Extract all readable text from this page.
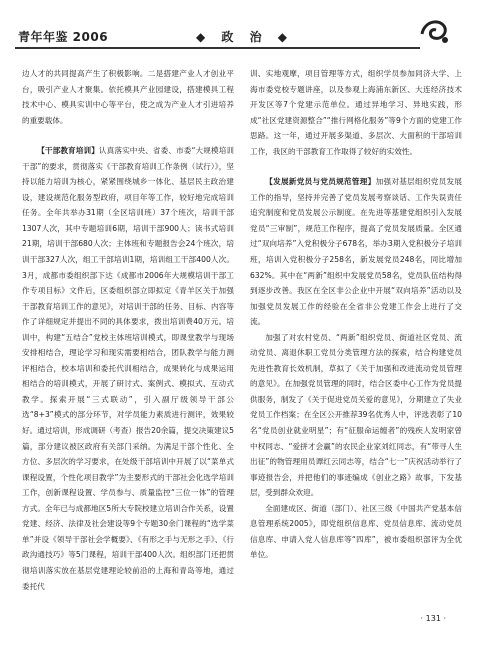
青年年鉴 2006	◆ 政 治 ◆

边人才的共同提高产生了积极影响。二是搭建产业人才创业平台，吸引产业人才聚集。依托模具产业园建设，搭建模具工程技术中心、模具实训中心等平台，使之成为产业人才引进培养的重要载体。

【干部教育培训】认真落实中央、省委、市委“大规模培训干部”的要求，贯彻落实《干部教育培训工作条例（试行）》，坚持以能力培训为核心，紧紧围绕城乡一体化、基层民主政治建设，建设规范化服务型政府，项目年等工作，较好地完成培训任务。全年共举办31期（全区培训班）37个班次，培训干部1307人次，其中专题培训6期，培训干部900人；读书式培训21期，培训干部680人次；主体班和专题报告会24个班次，培训干部327人次，组工干部培训1期，培训组工干部400人次。3月，成都市委组织部下达《成都市2006年大规模培训干部工作专项目标》文件后，区委组织部立即拟定《青羊区关于加强干部教育培训工作的意见》，对培训干部的任务、目标、内容等作了详细规定并提出不同的具体要求，拨出培训费40万元。培训中，构建“五结合”党校主体班培训模式，即课堂教学与现场安排相结合，理论学习和现实需要相结合，团队教学与能力测评相结合，校本培训和委托代训相结合，成果转化与成果运用相结合的培训模式，开展了研讨式、案例式、模拟式、互动式教学。探索开展“三式联动”，引入副厅级领导干部公选“8+3”模式的部分环节，对学员能力素质进行测评，效果较好。通过培训，形成调研（考查）报告20余篇，提交决策建议5篇，部分建议被区政府有关部门采纳。为满足干部个性化、全方位、多层次的学习要求，在处级干部培训中开展了以“菜单式课程设置，个性化项目教学”为主要形式的干部社会化选学培训工作，创新课程设置、学员参与、质量监控“三位一体”的管理方式。全年已与成都地区5所大专院校建立培训合作关系，设置党建、经济、法律及社会建设等9个专题30余门课程的“选学菜单”并设《领导干部社会学概要》、《有形之手与无形之手》、《行政沟通技巧》等5门课程，培训干部400人次。组织部门还把贯彻培训落实放在基层党建理论较前沿的上海和青岛等地，通过委托代

训、实地观摩，项目管理等方式，组织学员参加同济大学、上海市委党校专题讲座，以及参观上海浦东新区、大连经济技术开发区等7个党建示范单位。通过异地学习、异地实践，形成“社区党建资源整合”“推行网格化服务”等9个方面的党建工作思路。这一年，通过开展多渠道、多层次、大面积的干部培训工作，我区的干部教育工作取得了较好的实效性。

【发展新党员与党员规范管理】加强对基层组织党员发展工作的指导，坚持并完善了党员发展考察谈话、工作失误责任追究制度和党员发展公示制度。在先进等基建党组织引入发展党员“三审制”，规范工作程序，提高了党员发展质量。全区通过“双向培养”入党积极分子678名，举办3期入党积极分子培训班，培训入党积极分子258名，新发展党员248名，同比增加632%。其中在“两新”组织中发展党员58名，党员队伍结构得到逐步改善。我区在全区非公企业中开展“双向培养”活动以及加强党员发展工作的经验在全省非公党建工作会上进行了交流。

加强了对农村党员、“两新”组织党员、街道社区党员、流动党员、离退休职工党员分类管理方法的探索，结合构建党员先进性教育长效机制，草拟了《关于加强和改进流动党员管理的意见》。在加强党员管理的同时，结合区委中心工作为党员提供服务，制发了《关于促进党员关爱的意见》，分期建立了失业党员工作档案；在全区公开推荐39名优秀人中，评选表彰了10名“党员创业就业明星”；有“征服命运缠者”的残疾人发明家曾中权同志、“爱拼才会赢”的农民企业家刘红同志，有“带寻人生出征”的物管理用员谭红云同志等，结合“七一”庆祝活动举行了事迹报告会，并把他们的事迹编成《创业之路》故事，下发基层，受到群众欢迎。

全面建成区、街道（部门）、社区三级《中国共产党基本信息管理系统2005》，即党组织信息库、党员信息库、流动党员信息库、申请入党人信息库等“四库”，被市委组织部评为全优单位。

· 131 ·
